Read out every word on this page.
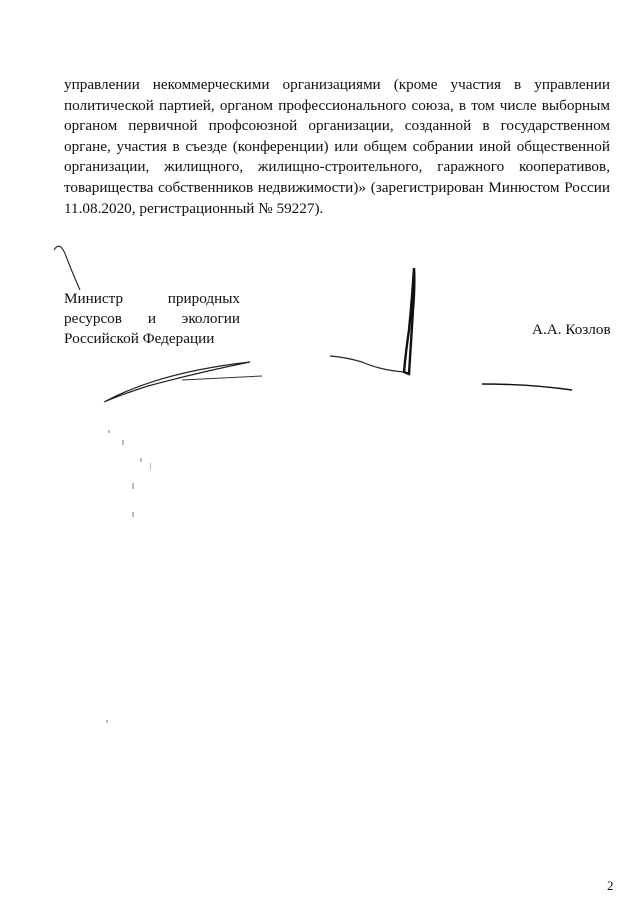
управлении некоммерческими организациями (кроме участия в управлении
политической партией, органом профессионального союза, в том числе выборным
органом первичной профсоюзной организации, созданной в государственном
органе, участия в съезде (конференции) или общем собрании иной общественной
организации, жилищного, жилищно-строительного, гаражного кооперативов,
товарищества собственников недвижимости)» (зарегистрирован Минюстом России
11.08.2020, регистрационный № 59227).
Министр природных
ресурсов и экологии
Российской Федерации
А.А. Козлов
2
